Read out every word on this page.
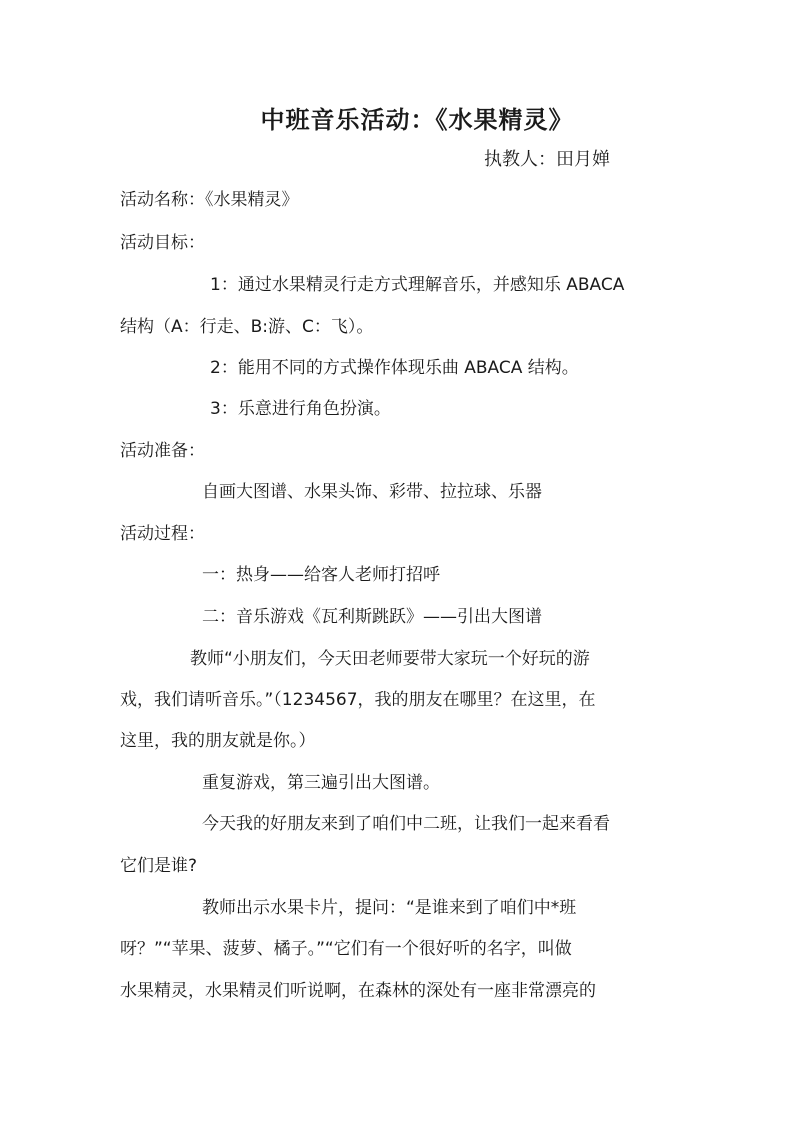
中班音乐活动：《水果精灵》
执教人：田月婵
活动名称：《水果精灵》
活动目标：
1：通过水果精灵行走方式理解音乐，并感知乐 ABACA
结构（A：行走、B:游、C：飞）。
2：能用不同的方式操作体现乐曲 ABACA 结构。
3：乐意进行角色扮演。
活动准备：
自画大图谱、水果头饰、彩带、拉拉球、乐器
活动过程：
一：热身——给客人老师打招呼
二：音乐游戏《瓦利斯跳跃》——引出大图谱
教师“小朋友们，今天田老师要带大家玩一个好玩的游
戏，我们请听音乐。”（1234567，我的朋友在哪里？在这里，在
这里，我的朋友就是你。）
重复游戏，第三遍引出大图谱。
今天我的好朋友来到了咱们中二班，让我们一起来看看
它们是谁?
教师出示水果卡片，提问：“是谁来到了咱们中*班
呀？”“苹果、菠萝、橘子。”“它们有一个很好听的名字，叫做
水果精灵，水果精灵们听说啊，在森林的深处有一座非常漂亮的
